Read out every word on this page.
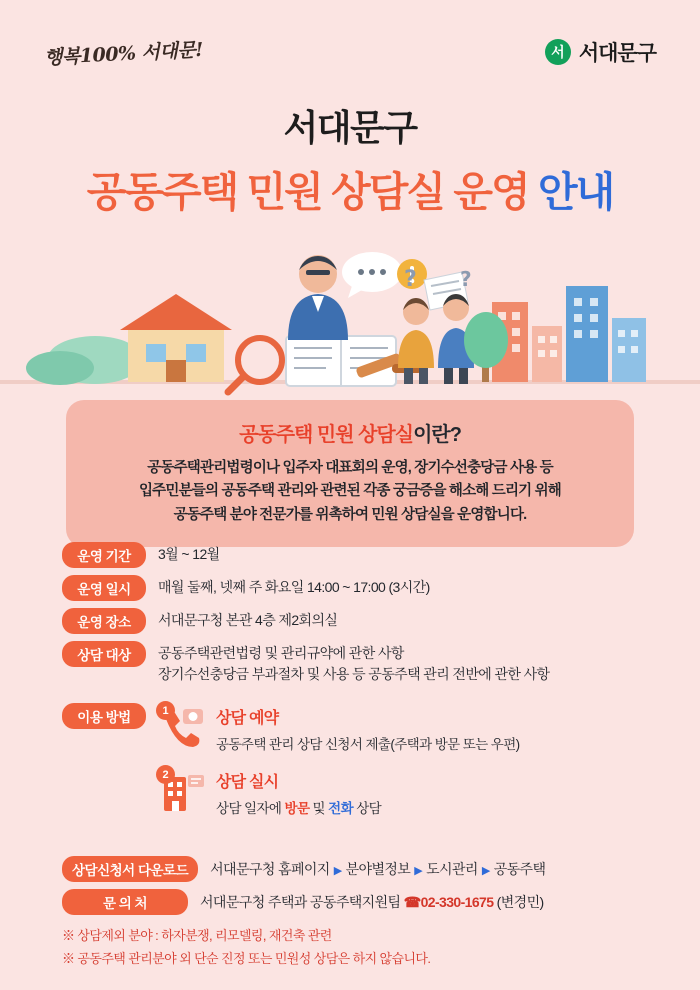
행복100% 서대문!	서 서대문구
서대문구
공동주택 민원 상담실 운영 안내
? ?
공동주택 민원 상담실이란?
공동주택관리법령이나 입주자 대표회의 운영, 장기수선충당금 사용 등
입주민분들의 공동주택 관리와 관련된 각종 궁금증을 해소해 드리기 위해
공동주택 분야 전문가를 위촉하여 민원 상담실을 운영합니다.
운영 기간	3월 ~ 12월
운영 일시	매월 둘째, 넷째 주 화요일 14:00 ~ 17:00 (3시간)
운영 장소	서대문구청 본관 4층 제2회의실
상담 대상	공동주택관련법령 및 관리규약에 관한 사항
장기수선충당금 부과절차 및 사용 등 공동주택 관리 전반에 관한 사항
이용 방법	1	상담 예약
공동주택 관리 상담 신청서 제출(주택과 방문 또는 우편)
2	상담 실시
상담 일자에 방문 및 전화 상담
상담신청서 다운로드	서대문구청 홈페이지 ▶ 분야별정보 ▶ 도시관리 ▶ 공동주택
문 의 처	서대문구청 주택과 공동주택지원팀 ☎02-330-1675 (변경민)
※ 상담제외 분야 : 하자분쟁, 리모델링, 재건축 관련
※ 공동주택 관리분야 외 단순 진정 또는 민원성 상담은 하지 않습니다.
